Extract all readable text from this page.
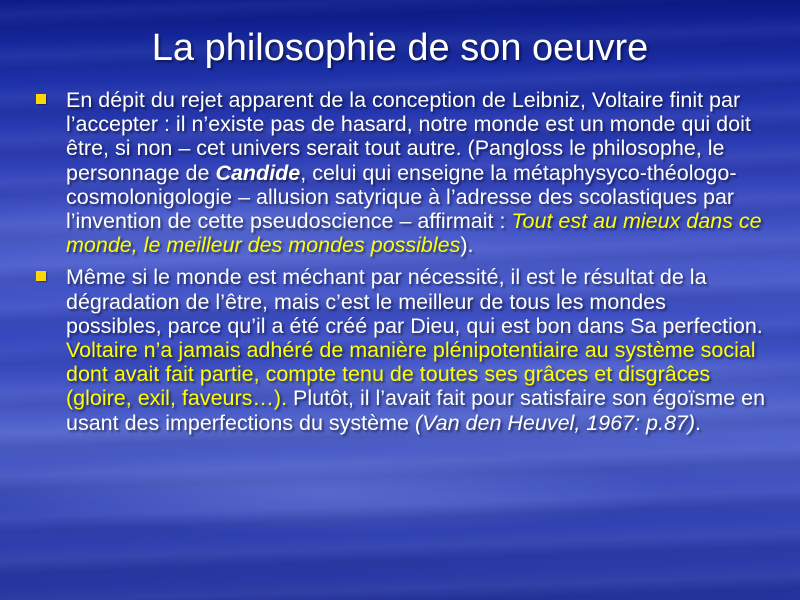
La philosophie de son oeuvre
En dépit du rejet apparent de la conception de Leibniz, Voltaire finit par l’accepter : il n’existe pas de hasard, notre monde est un monde qui doit être, si non – cet univers serait tout autre. (Pangloss le philosophe, le personnage de Candide, celui qui enseigne la métaphysyco-théologo-cosmolonigologie – allusion satyrique à l’adresse des scolastiques par l’invention de cette pseudoscience – affirmait : Tout est au mieux dans ce monde, le meilleur des mondes possibles).
Même si le monde est méchant par nécessité, il est le résultat de la dégradation de l’être, mais c’est le meilleur de tous les mondes possibles, parce qu’il a été créé par Dieu, qui est bon dans Sa perfection. Voltaire n’a jamais adhéré de manière plénipotentiaire au système social dont avait fait partie, compte tenu de toutes ses grâces et disgrâces (gloire, exil, faveurs…). Plutôt, il l’avait fait pour satisfaire son égoïsme en usant des imperfections du système (Van den Heuvel, 1967: p.87).
